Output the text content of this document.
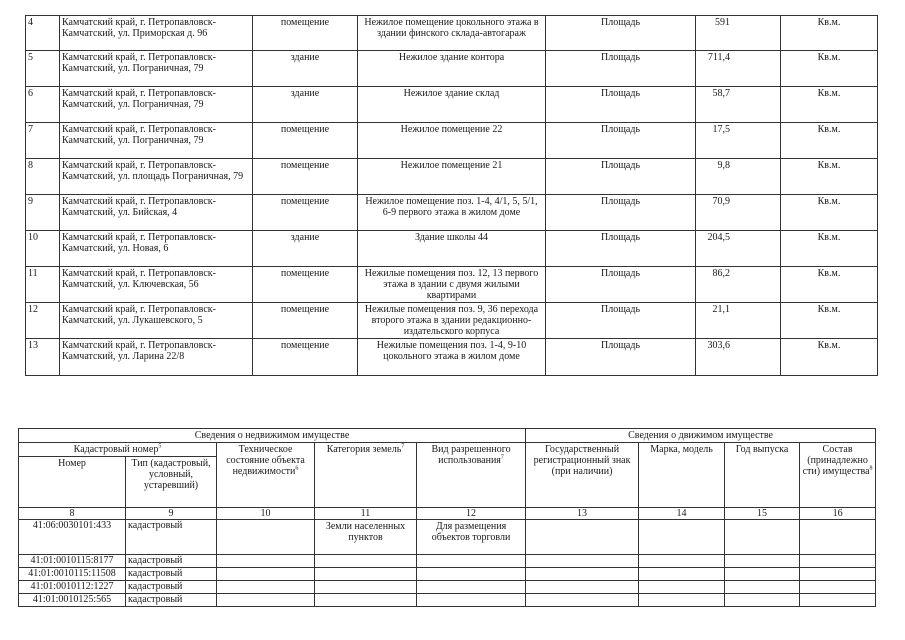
4	Камчатский край, г. Петропавловск-Камчатский, ул. Приморская д. 96	помещение	Нежилое помещение цокольного этажа в здании финского склада-автогараж	Площадь	591	Кв.м.
5	Камчатский край, г. Петропавловск-Камчатский, ул. Пограничная, 79	здание	Нежилое здание контора	Площадь	711,4	Кв.м.
6	Камчатский край, г. Петропавловск-Камчатский, ул. Пограничная, 79	здание	Нежилое здание склад	Площадь	58,7	Кв.м.
7	Камчатский край, г. Петропавловск-Камчатский, ул. Пограничная, 79	помещение	Нежилое помещение 22	Площадь	17,5	Кв.м.
8	Камчатский край, г. Петропавловск-Камчатский, ул. площадь Пограничная, 79	помещение	Нежилое помещение 21	Площадь	9,8	Кв.м.
9	Камчатский край, г. Петропавловск-Камчатский, ул. Бийская, 4	помещение	Нежилое помещение поз. 1-4, 4/1, 5, 5/1, 6-9 первого этажа в жилом доме	Площадь	70,9	Кв.м.
10	Камчатский край, г. Петропавловск-Камчатский, ул. Новая, 6	здание	Здание школы 44	Площадь	204,5	Кв.м.
11	Камчатский край, г. Петропавловск-Камчатский, ул. Ключевская, 56	помещение	Нежилые помещения поз. 12, 13 первого этажа в здании с двумя жилыми квартирами	Площадь	86,2	Кв.м.
12	Камчатский край, г. Петропавловск-Камчатский, ул. Лукашевского, 5	помещение	Нежилые помещения поз. 9, 36 перехода второго этажа в здании редакционно-издательского корпуса	Площадь	21,1	Кв.м.
13	Камчатский край, г. Петропавловск-Камчатский, ул. Ларина 22/8	помещение	Нежилые помещения поз. 1-4, 9-10 цокольного этажа в жилом доме	Площадь	303,6	Кв.м.
Сведения о недвижимом имуществе					Сведения о движимом имуществе			
Кадастровый номер$^5$		Техническое состояние объекта недвижимости$^6$	Категория земель$^7$	Вид разрешенного использования$^7$	Государственный регистрационный знак (при наличии)	Марка, модель	Год выпуска	Состав (принадлежно сти) имущества$^8$
Номер	Тип (кадастровый, условный, устаревший)							
8	9	10	11	12	13	14	15	16
41:06:0030101:433	кадастровый		Земли населенных пунктов	Для размещения объектов торговли				
41:01:0010115:8177	кадастровый							
41:01:0010115:11508	кадастровый							
41:01:0010112:1227	кадастровый							
41:01:0010125:565	кадастровый							
